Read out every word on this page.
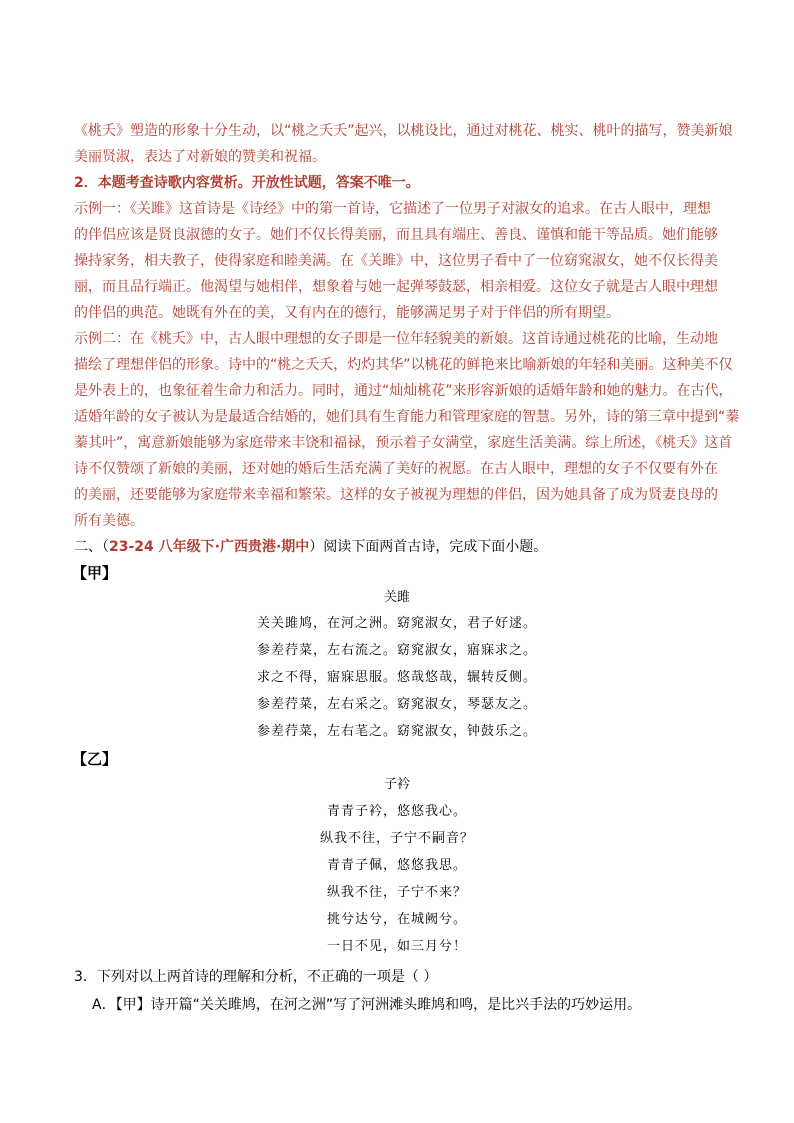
《桃夭》塑造的形象十分生动，以“桃之夭夭”起兴，以桃设比，通过对桃花、桃实、桃叶的描写，赞美新娘
美丽贤淑，表达了对新娘的赞美和祝福。
2．本题考查诗歌内容赏析。开放性试题，答案不唯一。
示例一：《关雎》这首诗是《诗经》中的第一首诗，它描述了一位男子对淑女的追求。在古人眼中，理想
的伴侣应该是贤良淑德的女子。她们不仅长得美丽，而且具有端庄、善良、谨慎和能干等品质。她们能够
操持家务，相夫教子，使得家庭和睦美满。在《关雎》中，这位男子看中了一位窈窕淑女，她不仅长得美
丽，而且品行端正。他渴望与她相伴，想象着与她一起弹琴鼓瑟，相亲相爱。这位女子就是古人眼中理想
的伴侣的典范。她既有外在的美，又有内在的德行，能够满足男子对于伴侣的所有期望。
示例二：在《桃夭》中，古人眼中理想的女子即是一位年轻貌美的新娘。这首诗通过桃花的比喻，生动地
描绘了理想伴侣的形象。诗中的“桃之夭夭，灼灼其华”以桃花的鲜艳来比喻新娘的年轻和美丽。这种美不仅
是外表上的，也象征着生命力和活力。同时，通过“灿灿桃花”来形容新娘的适婚年龄和她的魅力。在古代，
适婚年龄的女子被认为是最适合结婚的，她们具有生育能力和管理家庭的智慧。另外，诗的第三章中提到“蓁
蓁其叶”，寓意新娘能够为家庭带来丰饶和福禄，预示着子女满堂，家庭生活美满。综上所述，《桃夭》这首
诗不仅赞颂了新娘的美丽，还对她的婚后生活充满了美好的祝愿。在古人眼中，理想的女子不仅要有外在
的美丽，还要能够为家庭带来幸福和繁荣。这样的女子被视为理想的伴侣，因为她具备了成为贤妻良母的
所有美德。
二、（23-24 八年级下·广西贵港·期中）阅读下面两首古诗，完成下面小题。
【甲】
关雎
关关雎鸠，在河之洲。窈窕淑女，君子好逑。
参差荇菜，左右流之。窈窕淑女，寤寐求之。
求之不得，寤寐思服。悠哉悠哉，辗转反侧。
参差荇菜，左右采之。窈窕淑女，琴瑟友之。
参差荇菜，左右芼之。窈窕淑女，钟鼓乐之。
【乙】
子衿
青青子衿，悠悠我心。
纵我不往，子宁不嗣音？
青青子佩，悠悠我思。
纵我不往，子宁不来？
挑兮达兮，在城阙兮。
一日不见，如三月兮！
3．下列对以上两首诗的理解和分析，不正确的一项是（ ）
A．【甲】诗开篇“关关雎鸠，在河之洲”写了河洲滩头雎鸠和鸣，是比兴手法的巧妙运用。
